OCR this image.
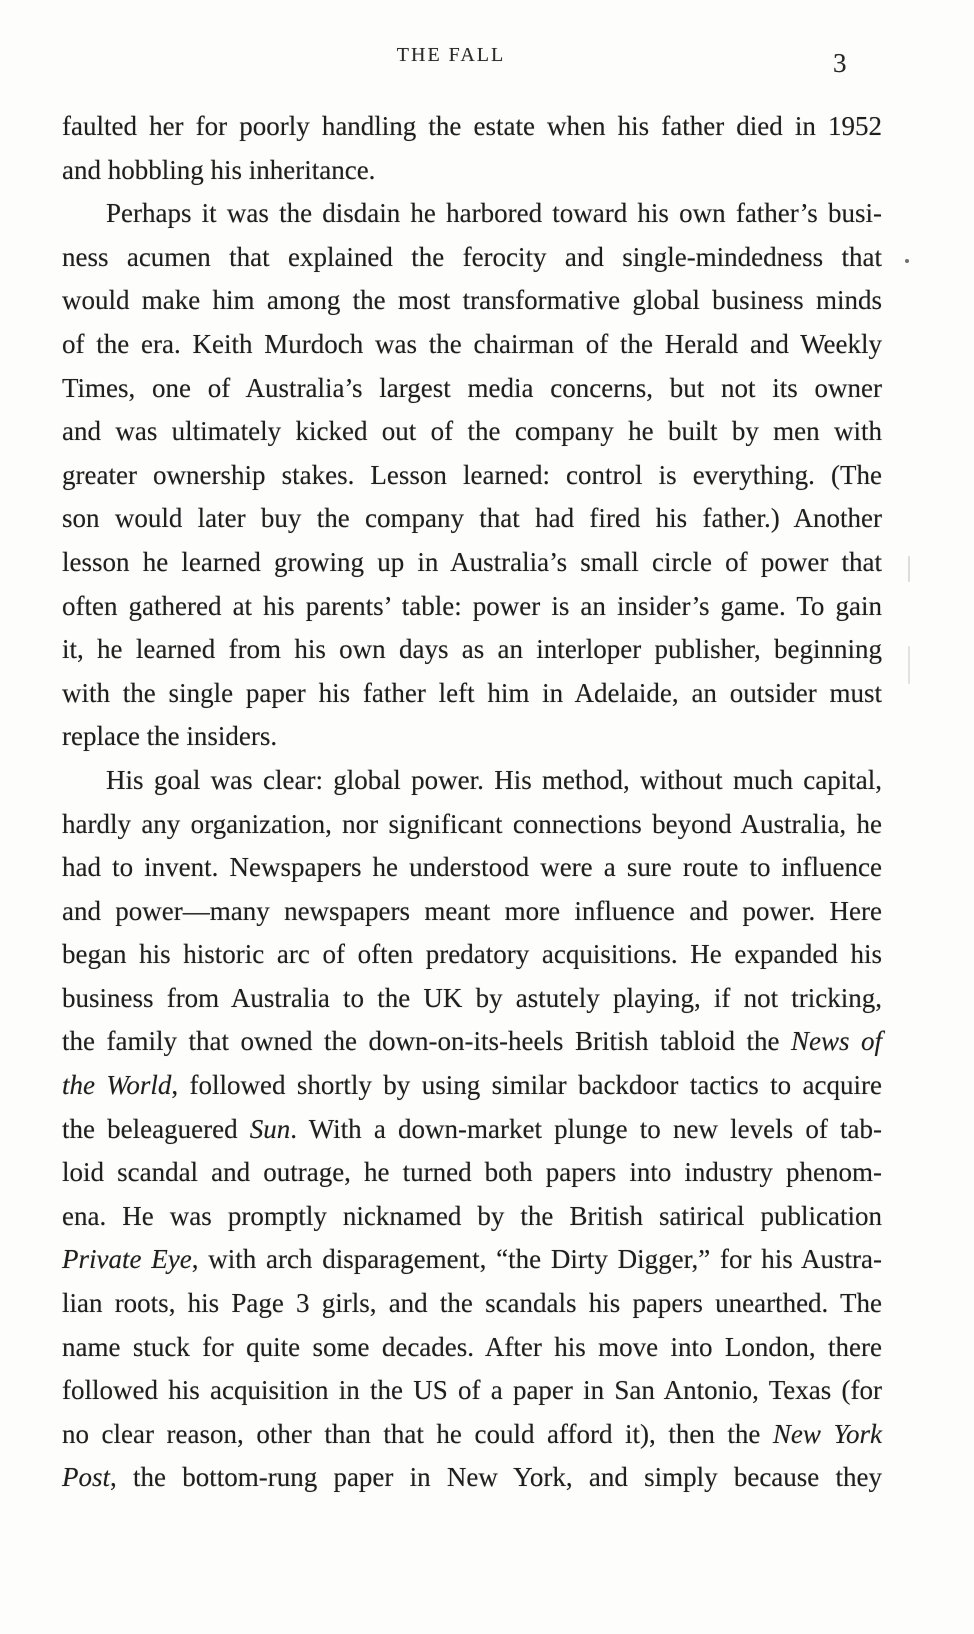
THE FALL	3
faulted her for poorly handling the estate when his father died in 1952
and hobbling his inheritance.
Perhaps it was the disdain he harbored toward his own father’s busi-
ness acumen that explained the ferocity and single-mindedness that
would make him among the most transformative global business minds
of the era. Keith Murdoch was the chairman of the Herald and Weekly
Times, one of Australia’s largest media concerns, but not its owner
and was ultimately kicked out of the company he built by men with
greater ownership stakes. Lesson learned: control is everything. (The
son would later buy the company that had fired his father.) Another
lesson he learned growing up in Australia’s small circle of power that
often gathered at his parents’ table: power is an insider’s game. To gain
it, he learned from his own days as an interloper publisher, beginning
with the single paper his father left him in Adelaide, an outsider must
replace the insiders.
His goal was clear: global power. His method, without much capital,
hardly any organization, nor significant connections beyond Australia, he
had to invent. Newspapers he understood were a sure route to influence
and power—many newspapers meant more influence and power. Here
began his historic arc of often predatory acquisitions. He expanded his
business from Australia to the UK by astutely playing, if not tricking,
the family that owned the down-on-its-heels British tabloid the News of
the World, followed shortly by using similar backdoor tactics to acquire
the beleaguered Sun. With a down-market plunge to new levels of tab-
loid scandal and outrage, he turned both papers into industry phenom-
ena. He was promptly nicknamed by the British satirical publication
Private Eye, with arch disparagement, “the Dirty Digger,” for his Austra-
lian roots, his Page 3 girls, and the scandals his papers unearthed. The
name stuck for quite some decades. After his move into London, there
followed his acquisition in the US of a paper in San Antonio, Texas (for
no clear reason, other than that he could afford it), then the New York
Post, the bottom-rung paper in New York, and simply because they
